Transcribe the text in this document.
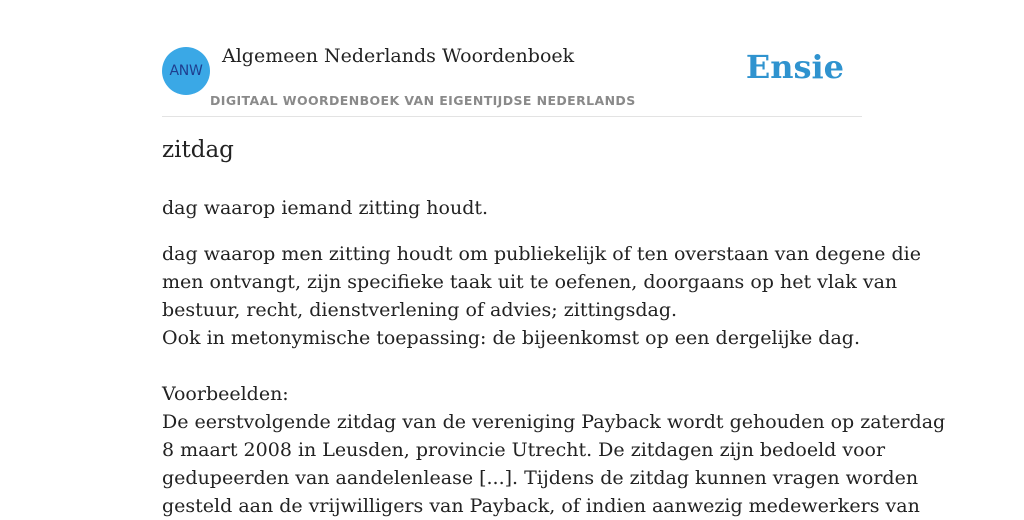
ANW
Algemeen Nederlands Woordenboek
DIGITAAL WOORDENBOEK VAN EIGENTIJDSE NEDERLANDS
Ensie
zitdag
dag waarop iemand zitting houdt.
dag waarop men zitting houdt om publiekelijk of ten overstaan van degene die
men ontvangt, zijn specifieke taak uit te oefenen, doorgaans op het vlak van
bestuur, recht, dienstverlening of advies; zittingsdag.
Ook in metonymische toepassing: de bijeenkomst op een dergelijke dag.
Voorbeelden:
De eerstvolgende zitdag van de vereniging Payback wordt gehouden op zaterdag
8 maart 2008 in Leusden, provincie Utrecht. De zitdagen zijn bedoeld voor
gedupeerden van aandelenlease [...]. Tijdens de zitdag kunnen vragen worden
gesteld aan de vrijwilligers van Payback, of indien aanwezig medewerkers van
